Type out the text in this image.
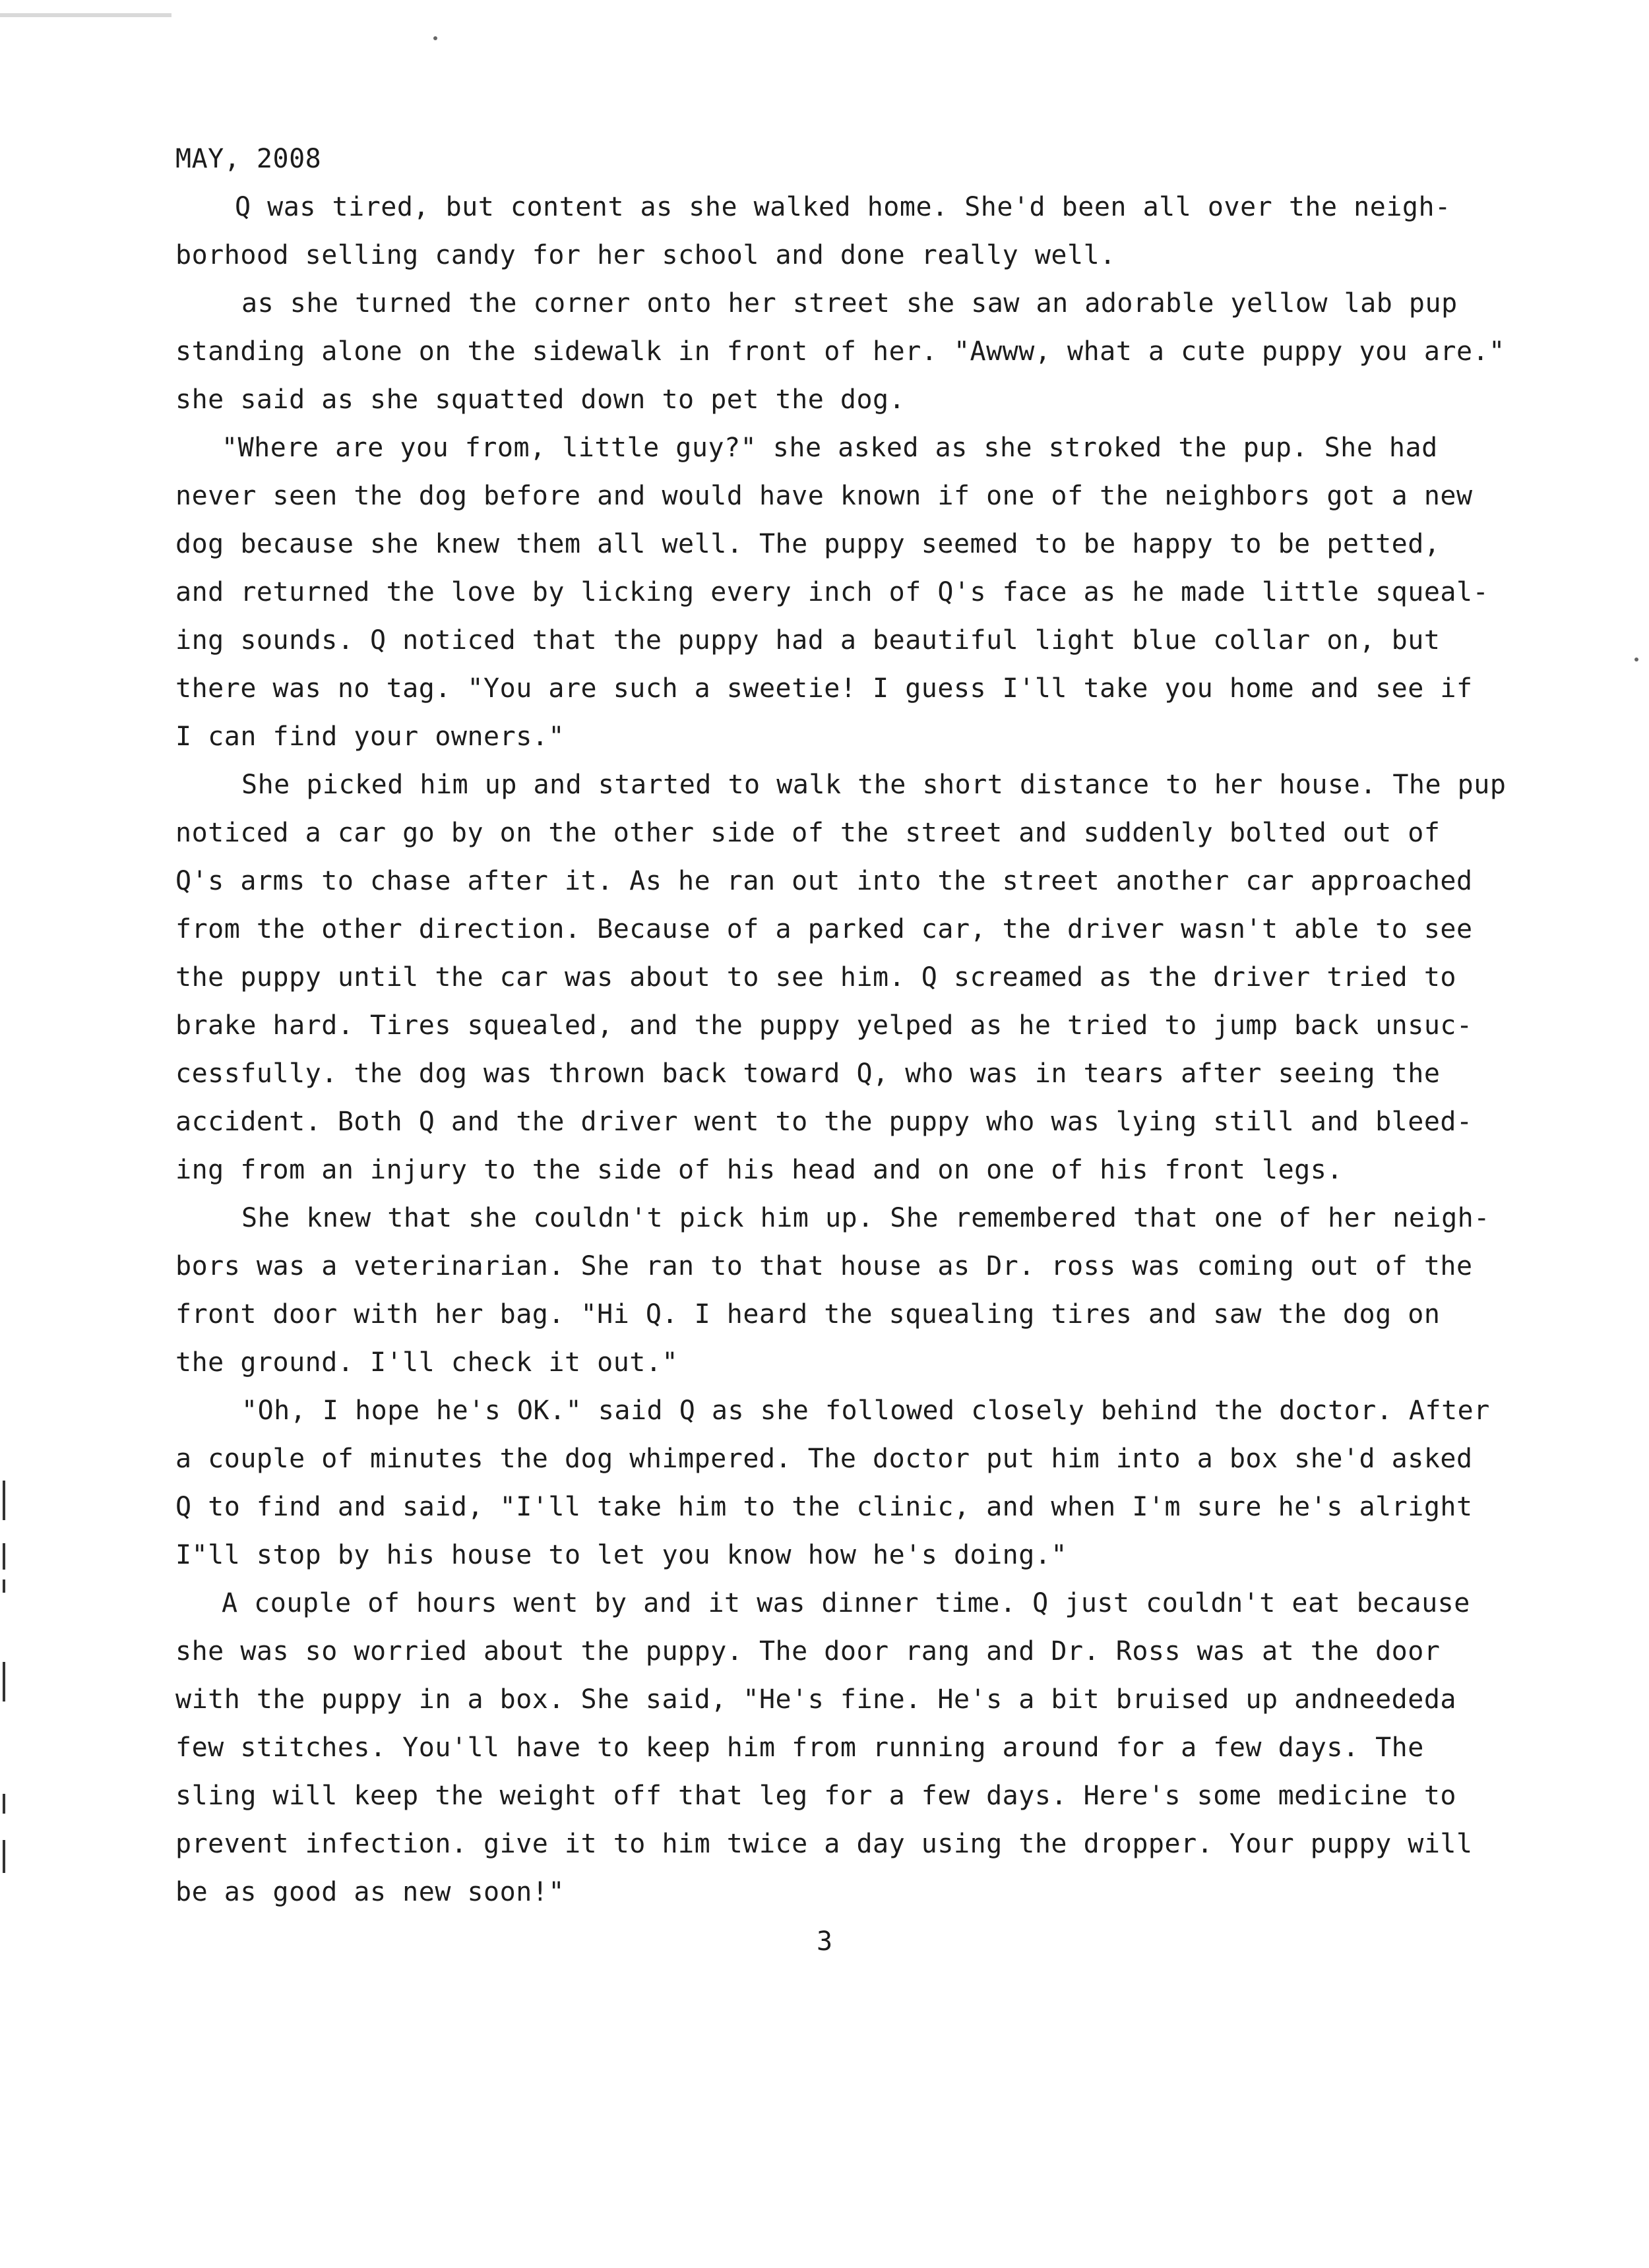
MAY, 2008

Q was tired, but content as she walked home. She'd been all over the neigh-
borhood selling candy for her school and done really well.

as she turned the corner onto her street she saw an adorable yellow lab pup
standing alone on the sidewalk in front of her. "Awww, what a cute puppy you are."
she said as she squatted down to pet the dog.

"Where are you from, little guy?" she asked as she stroked the pup. She had
never seen the dog before and would have known if one of the neighbors got a new
dog because she knew them all well. The puppy seemed to be happy to be petted,
and returned the love by licking every inch of Q's face as he made little squeal-
ing sounds. Q noticed that the puppy had a beautiful light blue collar on, but
there was no tag. "You are such a sweetie! I guess I'll take you home and see if
I can find your owners."

She picked him up and started to walk the short distance to her house. The pup
noticed a car go by on the other side of the street and suddenly bolted out of
Q's arms to chase after it. As he ran out into the street another car approached
from the other direction. Because of a parked car, the driver wasn't able to see
the puppy until the car was about to see him. Q screamed as the driver tried to
brake hard. Tires squealed, and the puppy yelped as he tried to jump back unsuc-
cessfully. the dog was thrown back toward Q, who was in tears after seeing the
accident. Both Q and the driver went to the puppy who was lying still and bleed-
ing from an injury to the side of his head and on one of his front legs.

She knew that she couldn't pick him up. She remembered that one of her neigh-
bors was a veterinarian. She ran to that house as Dr. ross was coming out of the
front door with her bag. "Hi Q. I heard the squealing tires and saw the dog on
the ground. I'll check it out."

"Oh, I hope he's OK." said Q as she followed closely behind the doctor. After
a couple of minutes the dog whimpered. The doctor put him into a box she'd asked
Q to find and said, "I'll take him to the clinic, and when I'm sure he's alright
I"ll stop by his house to let you know how he's doing."

A couple of hours went by and it was dinner time. Q just couldn't eat because
she was so worried about the puppy. The door rang and Dr. Ross was at the door
with the puppy in a box. She said, "He's fine. He's a bit bruised up andneededa
few stitches. You'll have to keep him from running around for a few days. The
sling will keep the weight off that leg for a few days. Here's some medicine to
prevent infection. give it to him twice a day using the dropper. Your puppy will
be as good as new soon!"

3
